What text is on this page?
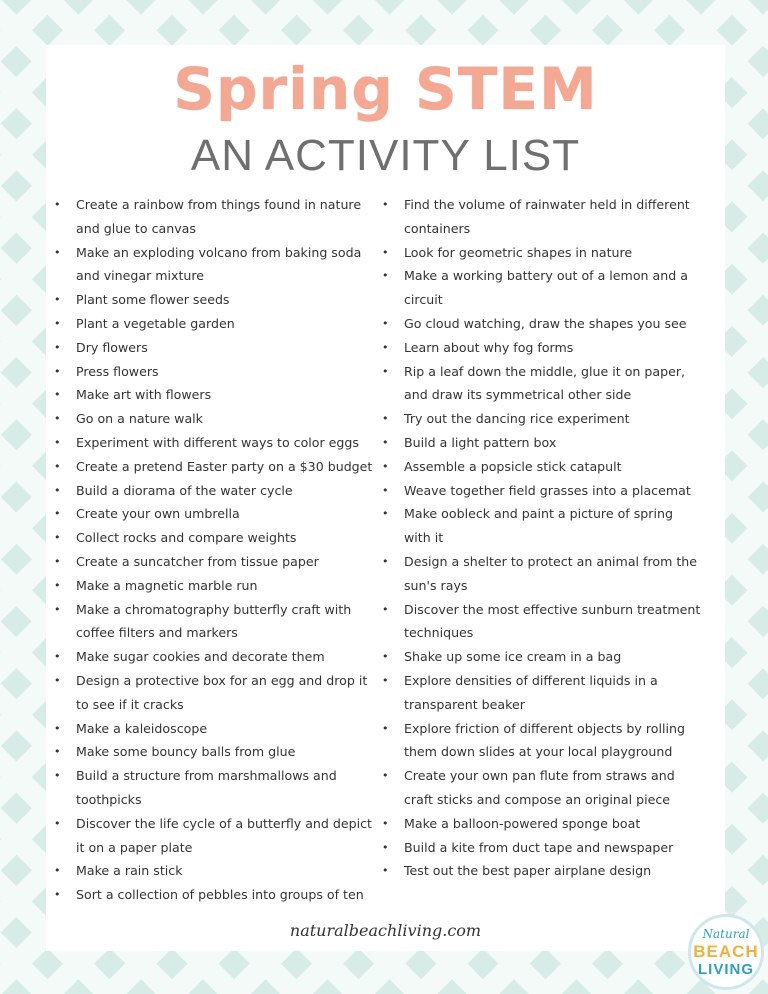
Spring STEM
AN ACTIVITY LIST
• Create a rainbow from things found in nature
and glue to canvas
• Make an exploding volcano from baking soda
and vinegar mixture
• Plant some flower seeds
• Plant a vegetable garden
• Dry flowers
• Press flowers
• Make art with flowers
• Go on a nature walk
• Experiment with different ways to color eggs
• Create a pretend Easter party on a $30 budget
• Build a diorama of the water cycle
• Create your own umbrella
• Collect rocks and compare weights
• Create a suncatcher from tissue paper
• Make a magnetic marble run
• Make a chromatography butterfly craft with
coffee filters and markers
• Make sugar cookies and decorate them
• Design a protective box for an egg and drop it
to see if it cracks
• Make a kaleidoscope
• Make some bouncy balls from glue
• Build a structure from marshmallows and
toothpicks
• Discover the life cycle of a butterfly and depict
it on a paper plate
• Make a rain stick
• Sort a collection of pebbles into groups of ten
• Find the volume of rainwater held in different
containers
• Look for geometric shapes in nature
• Make a working battery out of a lemon and a
circuit
• Go cloud watching, draw the shapes you see
• Learn about why fog forms
• Rip a leaf down the middle, glue it on paper,
and draw its symmetrical other side
• Try out the dancing rice experiment
• Build a light pattern box
• Assemble a popsicle stick catapult
• Weave together field grasses into a placemat
• Make oobleck and paint a picture of spring
with it
• Design a shelter to protect an animal from the
sun's rays
• Discover the most effective sunburn treatment
techniques
• Shake up some ice cream in a bag
• Explore densities of different liquids in a
transparent beaker
• Explore friction of different objects by rolling
them down slides at your local playground
• Create your own pan flute from straws and
craft sticks and compose an original piece
• Make a balloon-powered sponge boat
• Build a kite from duct tape and newspaper
• Test out the best paper airplane design
naturalbeachliving.com	Natural
BEACH
LIVING
